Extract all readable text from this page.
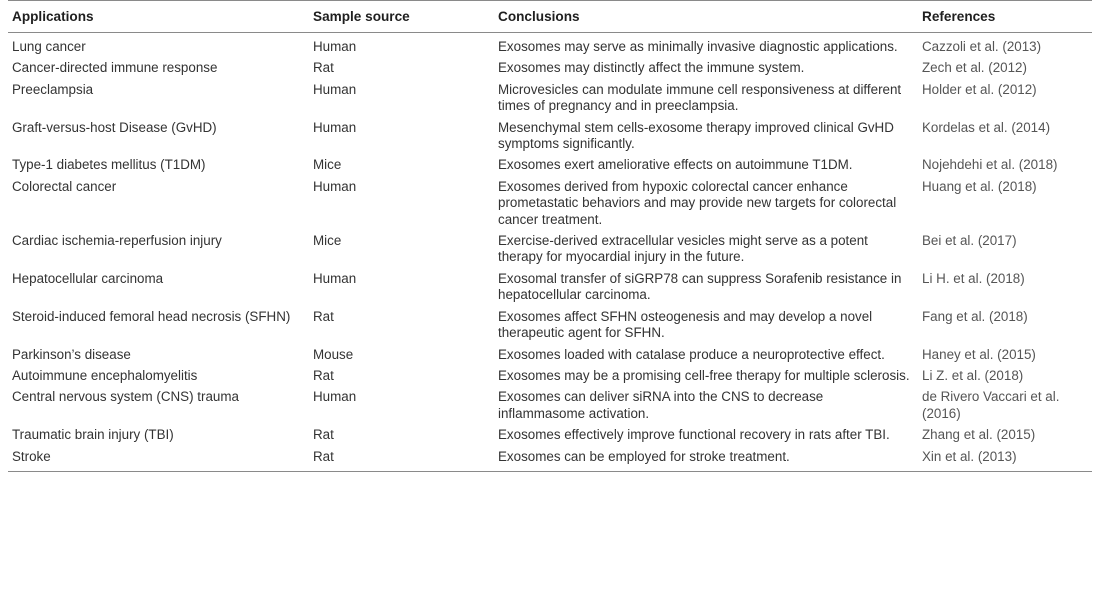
Applications	Sample source	Conclusions	References
Lung cancer	Human	Exosomes may serve as minimally invasive diagnostic applications.	Cazzoli et al. (2013)
Cancer-directed immune response	Rat	Exosomes may distinctly affect the immune system.	Zech et al. (2012)
Preeclampsia	Human	Microvesicles can modulate immune cell responsiveness at different times of pregnancy and in preeclampsia.	Holder et al. (2012)
Graft-versus-host Disease (GvHD)	Human	Mesenchymal stem cells-exosome therapy improved clinical GvHD symptoms significantly.	Kordelas et al. (2014)
Type-1 diabetes mellitus (T1DM)	Mice	Exosomes exert ameliorative effects on autoimmune T1DM.	Nojehdehi et al. (2018)
Colorectal cancer	Human	Exosomes derived from hypoxic colorectal cancer enhance prometastatic behaviors and may provide new targets for colorectal cancer treatment.	Huang et al. (2018)
Cardiac ischemia-reperfusion injury	Mice	Exercise-derived extracellular vesicles might serve as a potent therapy for myocardial injury in the future.	Bei et al. (2017)
Hepatocellular carcinoma	Human	Exosomal transfer of siGRP78 can suppress Sorafenib resistance in hepatocellular carcinoma.	Li H. et al. (2018)
Steroid-induced femoral head necrosis (SFHN)	Rat	Exosomes affect SFHN osteogenesis and may develop a novel therapeutic agent for SFHN.	Fang et al. (2018)
Parkinson’s disease	Mouse	Exosomes loaded with catalase produce a neuroprotective effect.	Haney et al. (2015)
Autoimmune encephalomyelitis	Rat	Exosomes may be a promising cell-free therapy for multiple sclerosis.	Li Z. et al. (2018)
Central nervous system (CNS) trauma	Human	Exosomes can deliver siRNA into the CNS to decrease inflammasome activation.	de Rivero Vaccari et al. (2016)
Traumatic brain injury (TBI)	Rat	Exosomes effectively improve functional recovery in rats after TBI.	Zhang et al. (2015)
Stroke	Rat	Exosomes can be employed for stroke treatment.	Xin et al. (2013)
